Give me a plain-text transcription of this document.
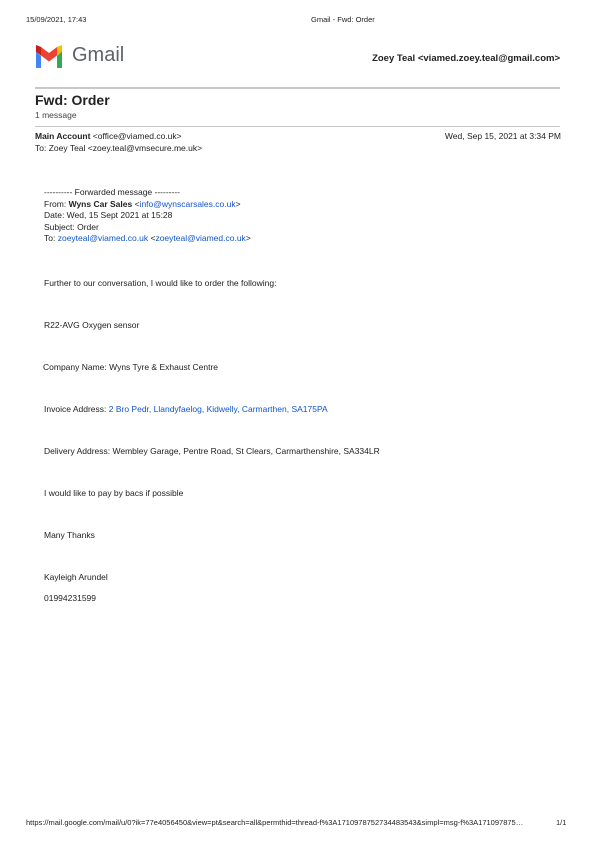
15/09/2021, 17:43	Gmail - Fwd: Order
Gmail	Zoey Teal <viamed.zoey.teal@gmail.com>
Fwd: Order
1 message
Main Account <office@viamed.co.uk>	Wed, Sep 15, 2021 at 3:34 PM
To: Zoey Teal <zoey.teal@vmsecure.me.uk>
---------- Forwarded message ---------
From: Wyns Car Sales <info@wynscarsales.co.uk>
Date: Wed, 15 Sept 2021 at 15:28
Subject: Order
To: zoeyteal@viamed.co.uk <zoeyteal@viamed.co.uk>
Further to our conversation, I would like to order the following:
R22-AVG Oxygen sensor
Company Name: Wyns Tyre & Exhaust Centre
Invoice Address: 2 Bro Pedr, Llandyfaelog, Kidwelly, Carmarthen, SA175PA
Delivery Address: Wembley Garage, Pentre Road, St Clears, Carmarthenshire, SA334LR
I would like to pay by bacs if possible
Many Thanks
Kayleigh Arundel
01994231599
https://mail.google.com/mail/u/0?ik=77e4056450&view=pt&search=all&permthid=thread-f%3A1710978752734483543&simpl=msg-f%3A171097875…	1/1
